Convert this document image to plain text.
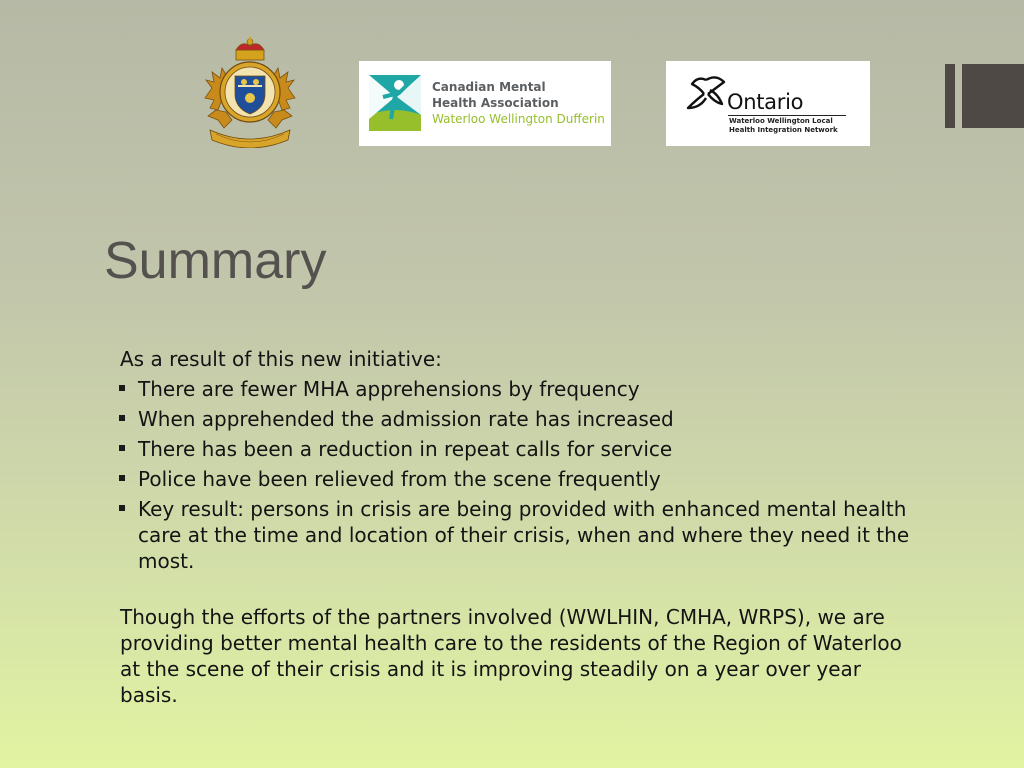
Canadian Mental
Health Association
Waterloo Wellington Dufferin
Ontario
Waterloo Wellington Local
Health Integration Network
Summary

As a result of this new initiative:

There are fewer MHA apprehensions by frequency
When apprehended the admission rate has increased
There has been a reduction in repeat calls for service
Police have been relieved from the scene frequently
Key result: persons in crisis are being provided with enhanced mental health care at the time and location of their crisis, when and where they need it the most.

Though the efforts of the partners involved (WWLHIN, CMHA, WRPS), we are providing better mental health care to the residents of the Region of Waterloo at the scene of their crisis and it is improving steadily on a year over year basis.
